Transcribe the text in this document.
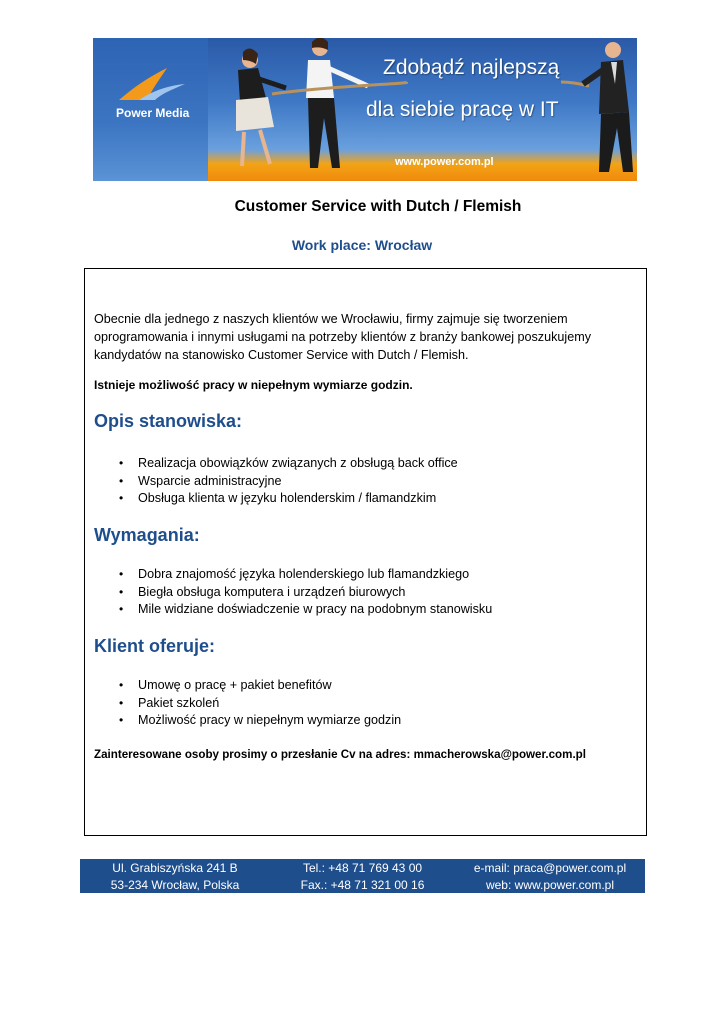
Power Media
Zdobądź najlepszą
dla siebie pracę w IT
www.power.com.pl
Customer Service with Dutch / Flemish
Work place: Wrocław

Obecnie dla jednego z naszych klientów we Wrocławiu, firmy zajmuje się tworzeniem oprogramowania i innymi usługami na potrzeby klientów z branży bankowej poszukujemy kandydatów na stanowisko Customer Service with Dutch / Flemish.

Istnieje możliwość pracy w niepełnym wymiarze godzin.

Opis stanowiska:
• Realizacja obowiązków związanych z obsługą back office
• Wsparcie administracyjne
• Obsługa klienta w języku holenderskim / flamandzkim
Wymagania:
• Dobra znajomość języka holenderskiego lub flamandzkiego
• Biegła obsługa komputera i urządzeń biurowych
• Mile widziane doświadczenie w pracy na podobnym stanowisku
Klient oferuje:
• Umowę o pracę + pakiet benefitów
• Pakiet szkoleń
• Możliwość pracy w niepełnym wymiarze godzin

Zainteresowane osoby prosimy o przesłanie Cv na adres: mmacherowska@power.com.pl

Ul. Grabiszyńska 241 B
53-234 Wrocław, Polska
Tel.: +48 71 769 43 00
Fax.: +48 71 321 00 16
e-mail: praca@power.com.pl
web: www.power.com.pl
